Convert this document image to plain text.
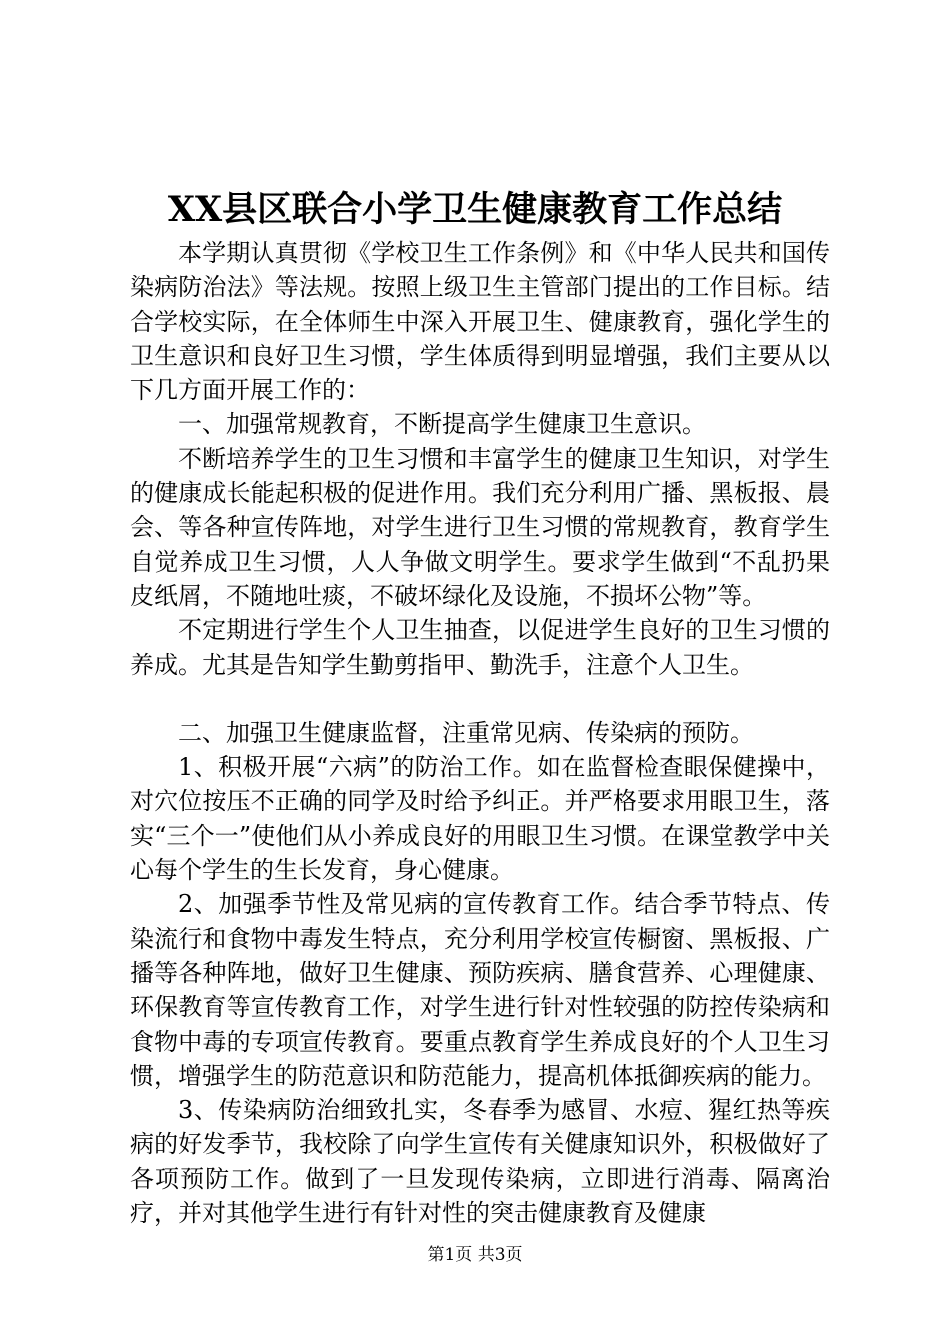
XX县区联合小学卫生健康教育工作总结

本学期认真贯彻《学校卫生工作条例》和《中华人民共和国传染病防治法》等法规。按照上级卫生主管部门提出的工作目标。结合学校实际，在全体师生中深入开展卫生、健康教育，强化学生的卫生意识和良好卫生习惯，学生体质得到明显增强，我们主要从以下几方面开展工作的：

一、加强常规教育，不断提高学生健康卫生意识。

不断培养学生的卫生习惯和丰富学生的健康卫生知识，对学生的健康成长能起积极的促进作用。我们充分利用广播、黑板报、晨会、等各种宣传阵地，对学生进行卫生习惯的常规教育，教育学生自觉养成卫生习惯，人人争做文明学生。要求学生做到“不乱扔果皮纸屑，不随地吐痰，不破坏绿化及设施，不损坏公物”等。

不定期进行学生个人卫生抽查，以促进学生良好的卫生习惯的养成。尤其是告知学生勤剪指甲、勤洗手，注意个人卫生。

二、加强卫生健康监督，注重常见病、传染病的预防。

1、积极开展“六病”的防治工作。如在监督检查眼保健操中，对穴位按压不正确的同学及时给予纠正。并严格要求用眼卫生，落实“三个一”使他们从小养成良好的用眼卫生习惯。在课堂教学中关心每个学生的生长发育，身心健康。

2、加强季节性及常见病的宣传教育工作。结合季节特点、传染流行和食物中毒发生特点，充分利用学校宣传橱窗、黑板报、广播等各种阵地，做好卫生健康、预防疾病、膳食营养、心理健康、环保教育等宣传教育工作，对学生进行针对性较强的防控传染病和食物中毒的专项宣传教育。要重点教育学生养成良好的个人卫生习惯，增强学生的防范意识和防范能力，提高机体抵御疾病的能力。

3、传染病防治细致扎实，冬春季为感冒、水痘、猩红热等疾病的好发季节，我校除了向学生宣传有关健康知识外，积极做好了各项预防工作。做到了一旦发现传染病，立即进行消毒、隔离治疗，并对其他学生进行有针对性的突击健康教育及健康

第1页 共3页
